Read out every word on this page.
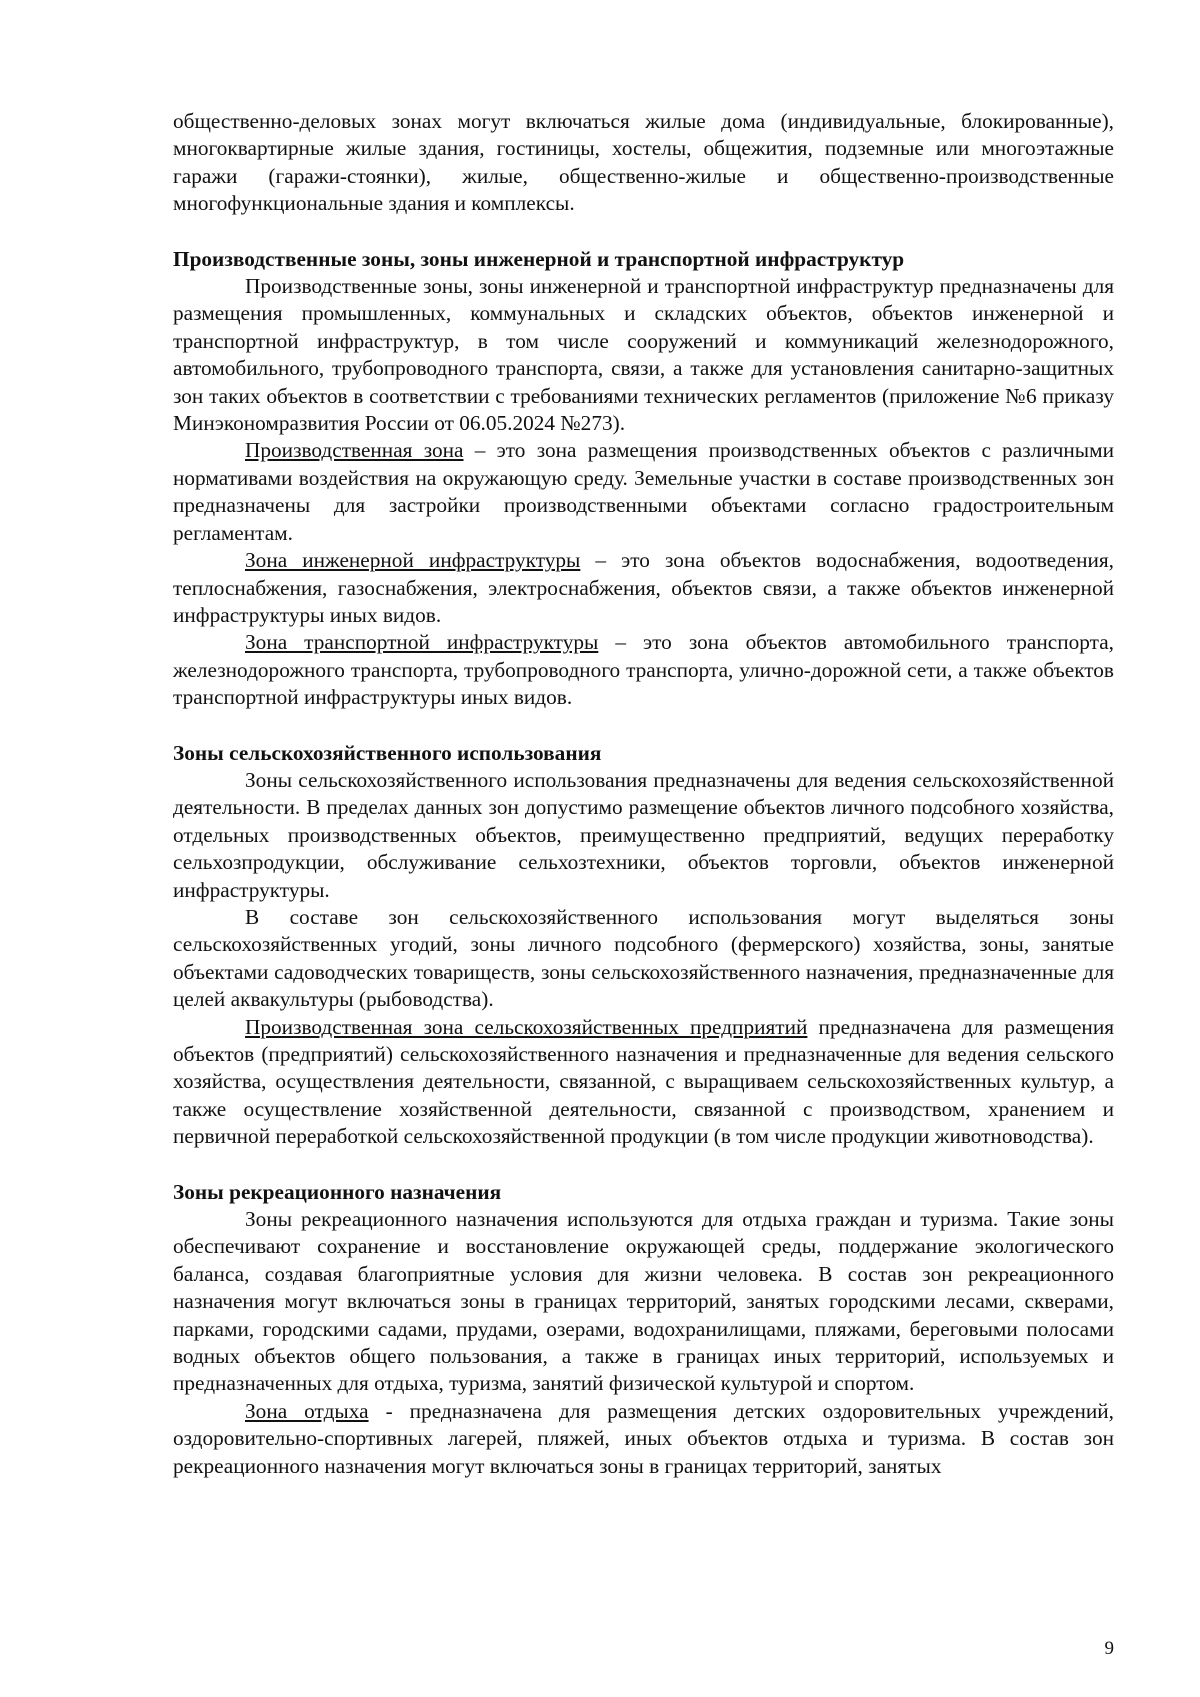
общественно-деловых зонах могут включаться жилые дома (индивидуальные, блокированные), многоквартирные жилые здания, гостиницы, хостелы, общежития, подземные или многоэтажные гаражи (гаражи-стоянки), жилые, общественно-жилые и общественно-производственные многофункциональные здания и комплексы.

Производственные зоны, зоны инженерной и транспортной инфраструктур

Производственные зоны, зоны инженерной и транспортной инфраструктур предназначены для размещения промышленных, коммунальных и складских объектов, объектов инженерной и транспортной инфраструктур, в том числе сооружений и коммуникаций железнодорожного, автомобильного, трубопроводного транспорта, связи, а также для установления санитарно-защитных зон таких объектов в соответствии с требованиями технических регламентов (приложение №6 приказу Минэкономразвития России от 06.05.2024 №273).

Производственная зона – это зона размещения производственных объектов с различными нормативами воздействия на окружающую среду. Земельные участки в составе производственных зон предназначены для застройки производственными объектами согласно градостроительным регламентам.

Зона инженерной инфраструктуры – это зона объектов водоснабжения, водоотведения, теплоснабжения, газоснабжения, электроснабжения, объектов связи, а также объектов инженерной инфраструктуры иных видов.

Зона транспортной инфраструктуры – это зона объектов автомобильного транспорта, железнодорожного транспорта, трубопроводного транспорта, улично-дорожной сети, а также объектов транспортной инфраструктуры иных видов.

Зоны сельскохозяйственного использования

Зоны сельскохозяйственного использования предназначены для ведения сельскохозяйственной деятельности. В пределах данных зон допустимо размещение объектов личного подсобного хозяйства, отдельных производственных объектов, преимущественно предприятий, ведущих переработку сельхозпродукции, обслуживание сельхозтехники, объектов торговли, объектов инженерной инфраструктуры.

В составе зон сельскохозяйственного использования могут выделяться зоны сельскохозяйственных угодий, зоны личного подсобного (фермерского) хозяйства, зоны, занятые объектами садоводческих товариществ, зоны сельскохозяйственного назначения, предназначенные для целей аквакультуры (рыбоводства).

Производственная зона сельскохозяйственных предприятий предназначена для размещения объектов (предприятий) сельскохозяйственного назначения и предназначенные для ведения сельского хозяйства, осуществления деятельности, связанной, с выращиваем сельскохозяйственных культур, а также осуществление хозяйственной деятельности, связанной с производством, хранением и первичной переработкой сельскохозяйственной продукции (в том числе продукции животноводства).

Зоны рекреационного назначения

Зоны рекреационного назначения используются для отдыха граждан и туризма. Такие зоны обеспечивают сохранение и восстановление окружающей среды, поддержание экологического баланса, создавая благоприятные условия для жизни человека. В состав зон рекреационного назначения могут включаться зоны в границах территорий, занятых городскими лесами, скверами, парками, городскими садами, прудами, озерами, водохранилищами, пляжами, береговыми полосами водных объектов общего пользования, а также в границах иных территорий, используемых и предназначенных для отдыха, туризма, занятий физической культурой и спортом.

Зона отдыха - предназначена для размещения детских оздоровительных учреждений, оздоровительно-спортивных лагерей, пляжей, иных объектов отдыха и туризма. В состав зон рекреационного назначения могут включаться зоны в границах территорий, занятых

9
